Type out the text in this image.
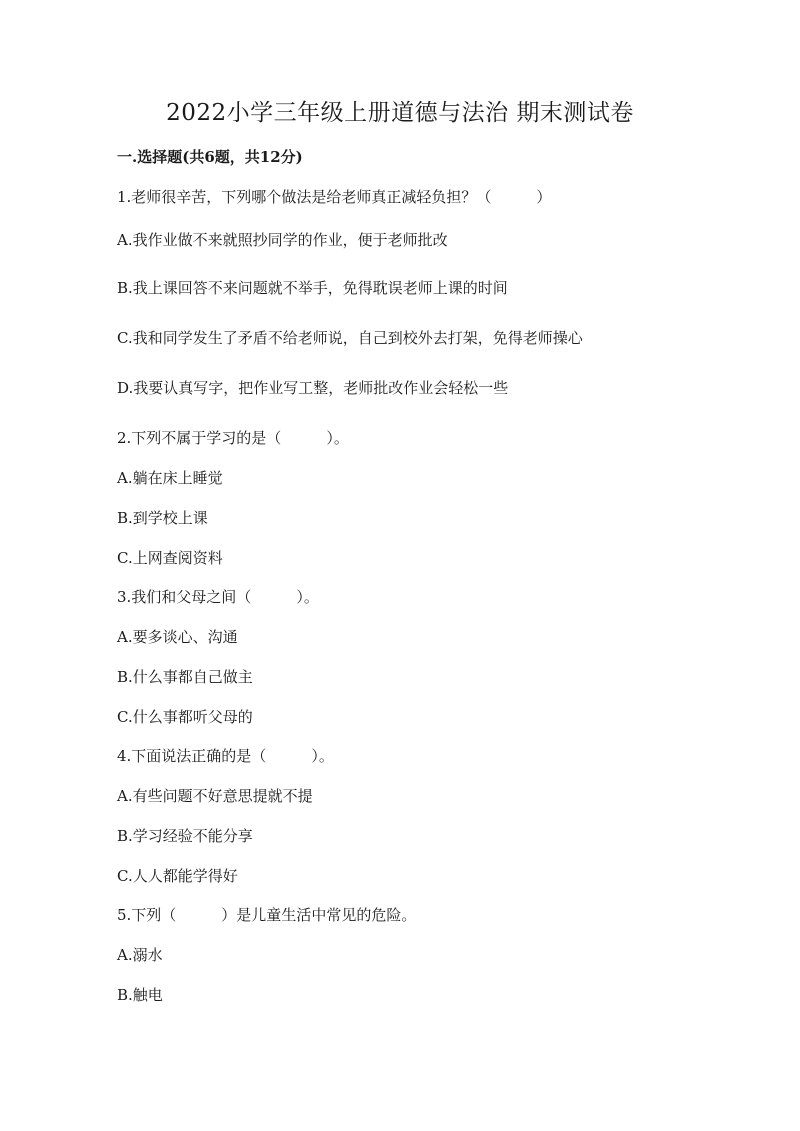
2022小学三年级上册道德与法治 期末测试卷
一.选择题(共6题，共12分)
1.老师很辛苦，下列哪个做法是给老师真正减轻负担？（　　　）
A.我作业做不来就照抄同学的作业，便于老师批改
B.我上课回答不来问题就不举手，免得耽误老师上课的时间
C.我和同学发生了矛盾不给老师说，自己到校外去打架，免得老师操心
D.我要认真写字，把作业写工整，老师批改作业会轻松一些
2.下列不属于学习的是（　　　）。
A.躺在床上睡觉
B.到学校上课
C.上网查阅资料
3.我们和父母之间（　　　）。
A.要多谈心、沟通
B.什么事都自己做主
C.什么事都听父母的
4.下面说法正确的是（　　　）。
A.有些问题不好意思提就不提
B.学习经验不能分享
C.人人都能学得好
5.下列（　　　）是儿童生活中常见的危险。
A.溺水
B.触电
